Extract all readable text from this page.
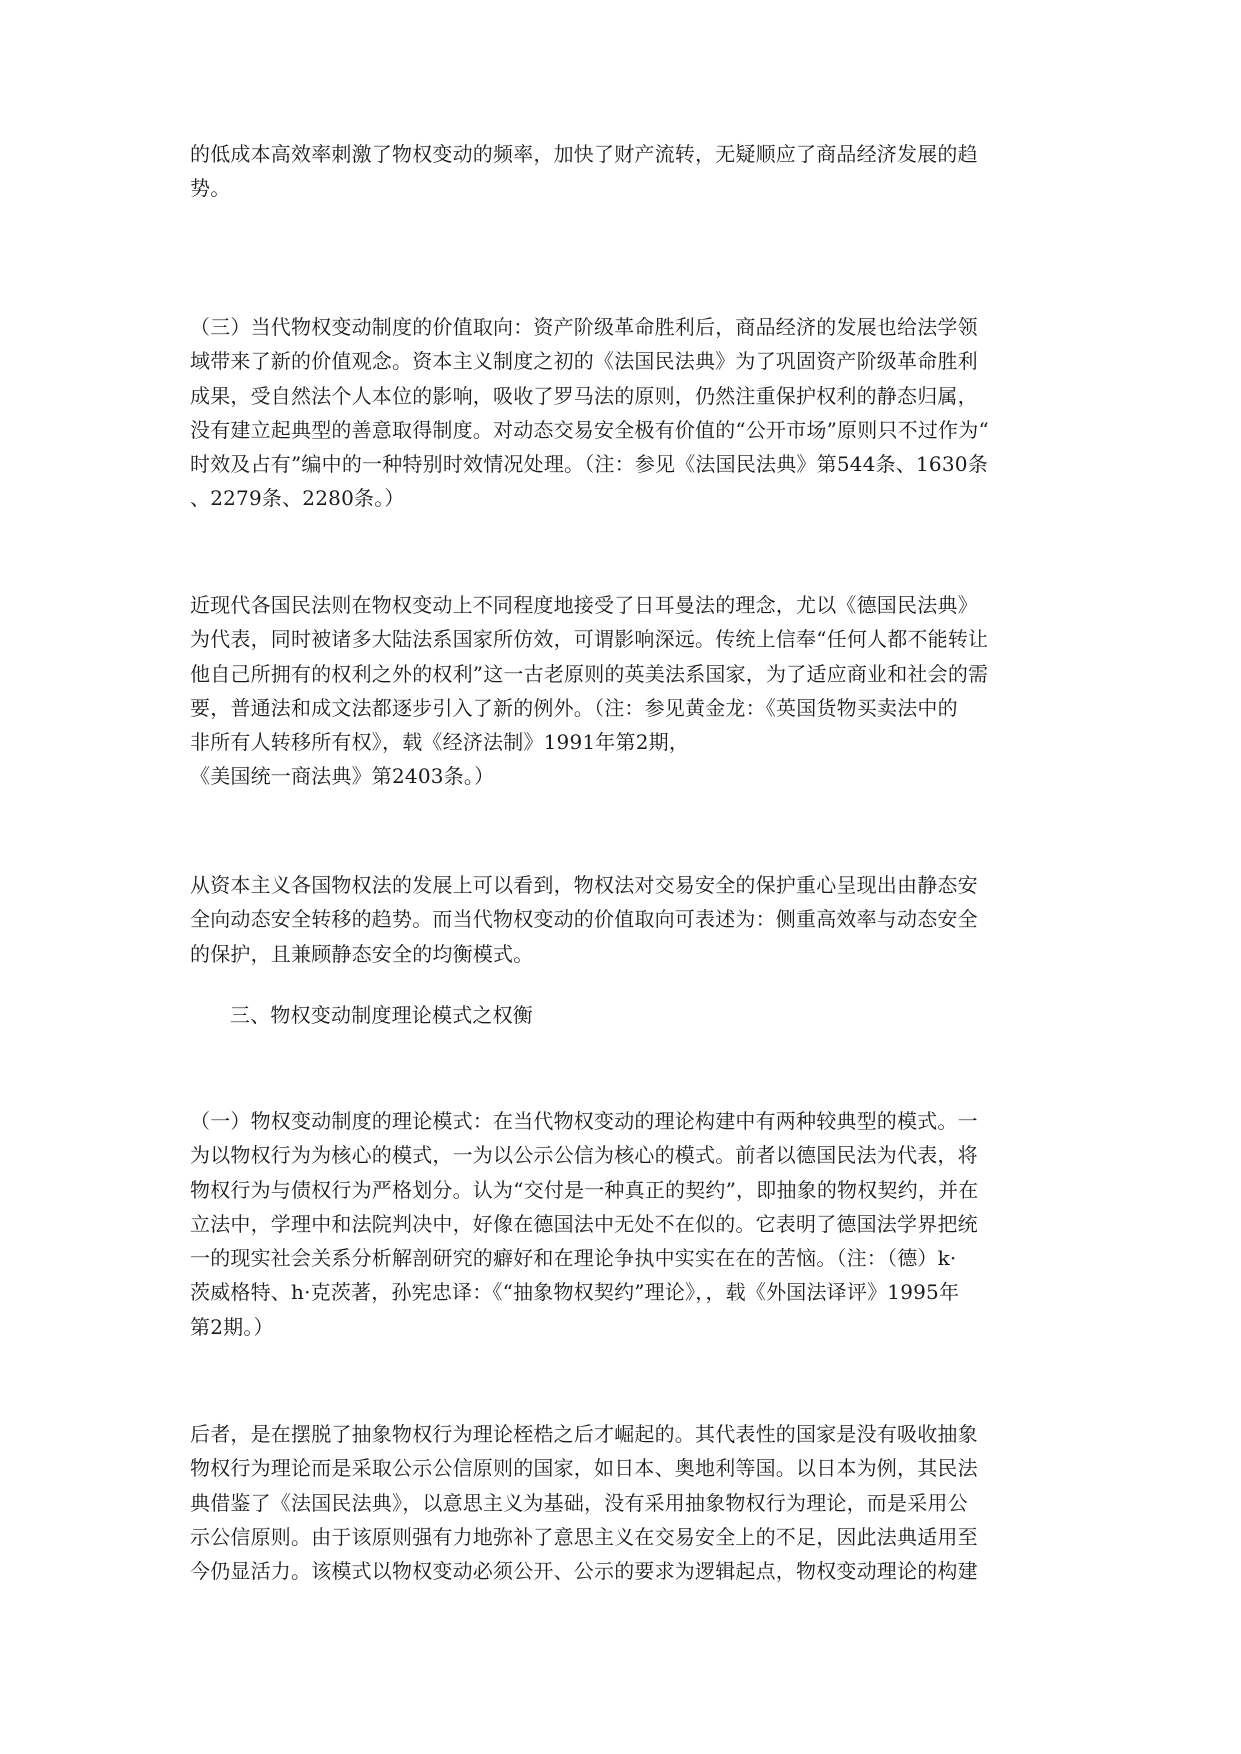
的低成本高效率刺激了物权变动的频率，加快了财产流转，无疑顺应了商品经济发展的趋
势。

（三）当代物权变动制度的价值取向：资产阶级革命胜利后，商品经济的发展也给法学领
域带来了新的价值观念。资本主义制度之初的《法国民法典》为了巩固资产阶级革命胜利
成果，受自然法个人本位的影响，吸收了罗马法的原则，仍然注重保护权利的静态归属，
没有建立起典型的善意取得制度。对动态交易安全极有价值的“公开市场”原则只不过作为“
时效及占有”编中的一种特别时效情况处理。（注：参见《法国民法典》第544条、1630条
、2279条、2280条。）

近现代各国民法则在物权变动上不同程度地接受了日耳曼法的理念，尤以《德国民法典》
为代表，同时被诸多大陆法系国家所仿效，可谓影响深远。传统上信奉“任何人都不能转让
他自己所拥有的权利之外的权利”这一古老原则的英美法系国家，为了适应商业和社会的需
要，普通法和成文法都逐步引入了新的例外。（注：参见黄金龙：《英国货物买卖法中的
非所有人转移所有权》，载《经济法制》1991年第2期，
《美国统一商法典》第2403条。）

从资本主义各国物权法的发展上可以看到，物权法对交易安全的保护重心呈现出由静态安
全向动态安全转移的趋势。而当代物权变动的价值取向可表述为：侧重高效率与动态安全
的保护，且兼顾静态安全的均衡模式。

三、物权变动制度理论模式之权衡

（一）物权变动制度的理论模式：在当代物权变动的理论构建中有两种较典型的模式。一
为以物权行为为核心的模式，一为以公示公信为核心的模式。前者以德国民法为代表，将
物权行为与债权行为严格划分。认为“交付是一种真正的契约”，即抽象的物权契约，并在
立法中，学理中和法院判决中，好像在德国法中无处不在似的。它表明了德国法学界把统
一的现实社会关系分析解剖研究的癖好和在理论争执中实实在在的苦恼。（注：（德）k·
茨威格特、h·克茨著，孙宪忠译：《“抽象物权契约”理论》，，载《外国法译评》1995年
第2期。）

后者，是在摆脱了抽象物权行为理论桎梏之后才崛起的。其代表性的国家是没有吸收抽象
物权行为理论而是采取公示公信原则的国家，如日本、奥地利等国。以日本为例，其民法
典借鉴了《法国民法典》，以意思主义为基础，没有采用抽象物权行为理论，而是采用公
示公信原则。由于该原则强有力地弥补了意思主义在交易安全上的不足，因此法典适用至
今仍显活力。该模式以物权变动必须公开、公示的要求为逻辑起点，物权变动理论的构建
